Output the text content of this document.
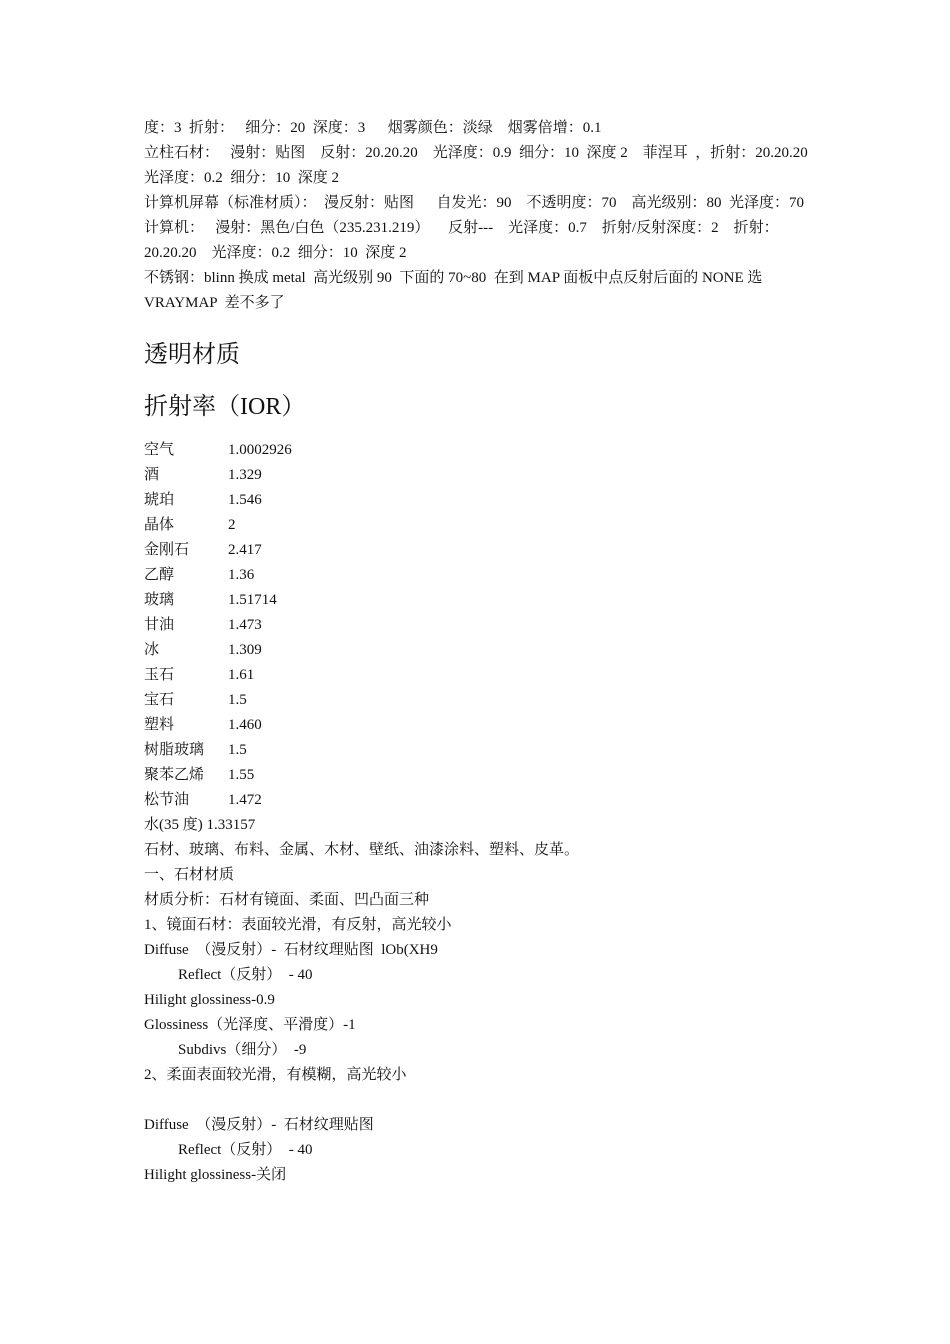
度：3  折射：   细分：20  深度：3      烟雾颜色：淡绿    烟雾倍增：0.1

立柱石材：   漫射：贴图    反射：20.20.20    光泽度：0.9  细分：10  深度 2    菲涅耳  ，折射：20.20.20    光泽度：0.2  细分：10  深度 2

计算机屏幕（标准材质）：  漫反射：贴图      自发光：90    不透明度：70    高光级别：80  光泽度：70

计算机：   漫射：黑色/白色（235.231.219）     反射---    光泽度：0.7    折射/反射深度：2    折射：20.20.20    光泽度：0.2  细分：10  深度 2

不锈钢：blinn 换成 metal  高光级别 90  下面的 70~80  在到 MAP 面板中点反射后面的 NONE 选 VRAYMAP  差不多了

透明材质
折射率（IOR）
空气	1.0002926
酒	1.329
琥珀	1.546
晶体	2
金刚石	2.417
乙醇	1.36
玻璃	1.51714
甘油	1.473
冰	1.309
玉石	1.61
宝石	1.5
塑料	1.460
树脂玻璃	1.5
聚苯乙烯	1.55
松节油	1.472

水(35 度) 1.33157

石材、玻璃、布料、金属、木材、壁纸、油漆涂料、塑料、皮革。

一、石材材质

材质分析：石材有镜面、柔面、凹凸面三种

1、镜面石材：表面较光滑，有反射，高光较小

Diffuse  （漫反射）-  石材纹理贴图  lOb(XH9

Reflect（反射）  - 40

Hilight glossiness-0.9

Glossiness（光泽度、平滑度）-1

Subdivs（细分）  -9

2、柔面表面较光滑，有模糊，高光较小

Diffuse  （漫反射）-  石材纹理贴图

Reflect（反射）  - 40

Hilight glossiness-关闭
